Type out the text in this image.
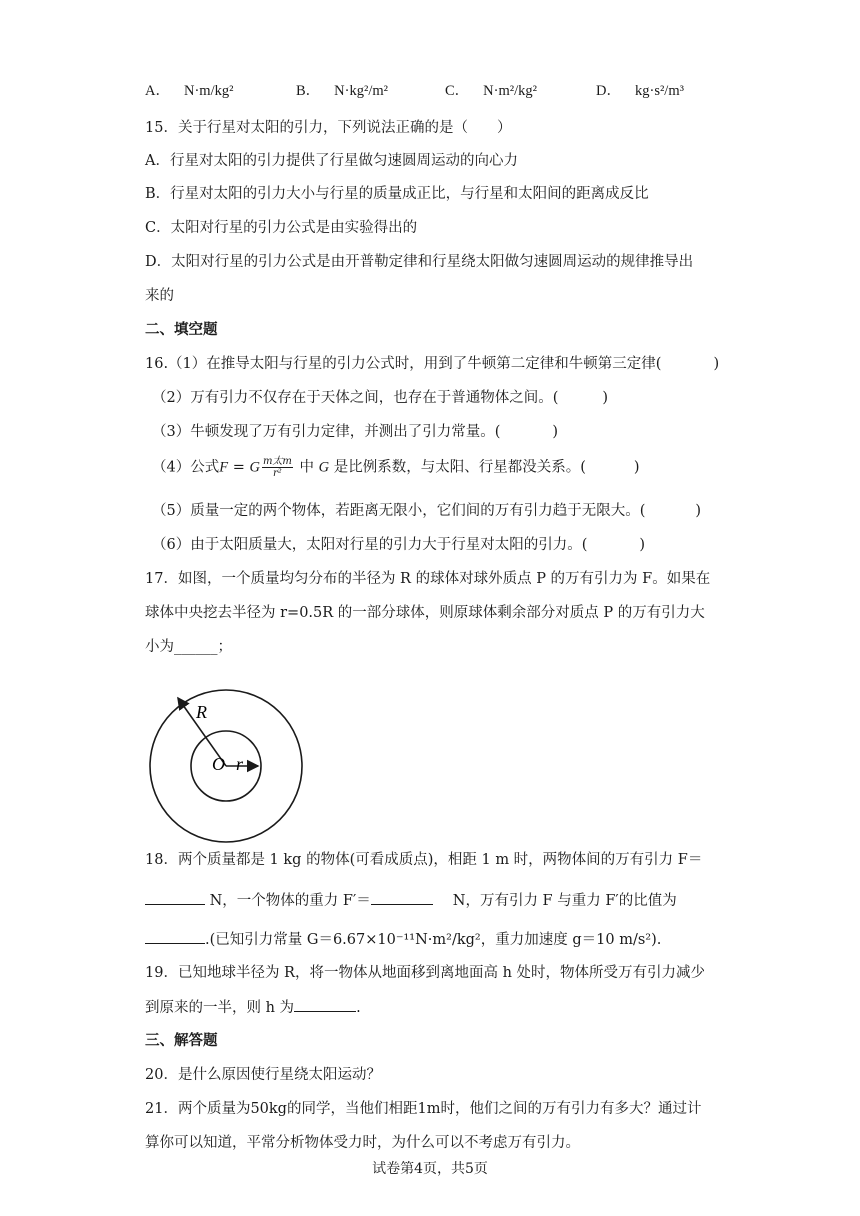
A． N·m/kg²	B． N·kg²/m²	C． N·m²/kg²	D． kg·s²/m³
15．关于行星对太阳的引力，下列说法正确的是（　　）
A．行星对太阳的引力提供了行星做匀速圆周运动的向心力
B．行星对太阳的引力大小与行星的质量成正比，与行星和太阳间的距离成反比
C．太阳对行星的引力公式是由实验得出的
D．太阳对行星的引力公式是由开普勒定律和行星绕太阳做匀速圆周运动的规律推导出
来的
二、填空题
16.（1）在推导太阳与行星的引力公式时，用到了牛顿第二定律和牛顿第三定律(	)
（2）万有引力不仅存在于天体之间，也存在于普通物体之间。(	)
（3）牛顿发现了万有引力定律，并测出了引力常量。(	)
（4）公式F = G $\frac{\text{m太m}}{\text{r²}}$ 中 G 是比例系数，与太阳、行星都没关系。(	)
（5）质量一定的两个物体，若距离无限小，它们间的万有引力趋于无限大。(	)
（6）由于太阳质量大，太阳对行星的引力大于行星对太阳的引力。(	)
17．如图，一个质量均匀分布的半径为 R 的球体对球外质点 P 的万有引力为 F。如果在
球体中央挖去半径为 r=0.5R 的一部分球体，则原球体剩余部分对质点 P 的万有引力大
小为______；
R
O r
18．两个质量都是 1 kg 的物体(可看成质点)，相距 1 m 时，两物体间的万有引力 F＝
N，一个物体的重力 F′＝	N，万有引力 F 与重力 F′的比值为
.(已知引力常量 G＝6.67×10⁻¹¹N·m²/kg²，重力加速度 g＝10 m/s²).
19．已知地球半径为 R，将一物体从地面移到离地面高 h 处时，物体所受万有引力减少
到原来的一半，则 h 为	.
三、解答题
20．是什么原因使行星绕太阳运动？
21．两个质量为50kg的同学，当他们相距1m时，他们之间的万有引力有多大？通过计
算你可以知道，平常分析物体受力时，为什么可以不考虑万有引力。
试卷第4页，共5页
